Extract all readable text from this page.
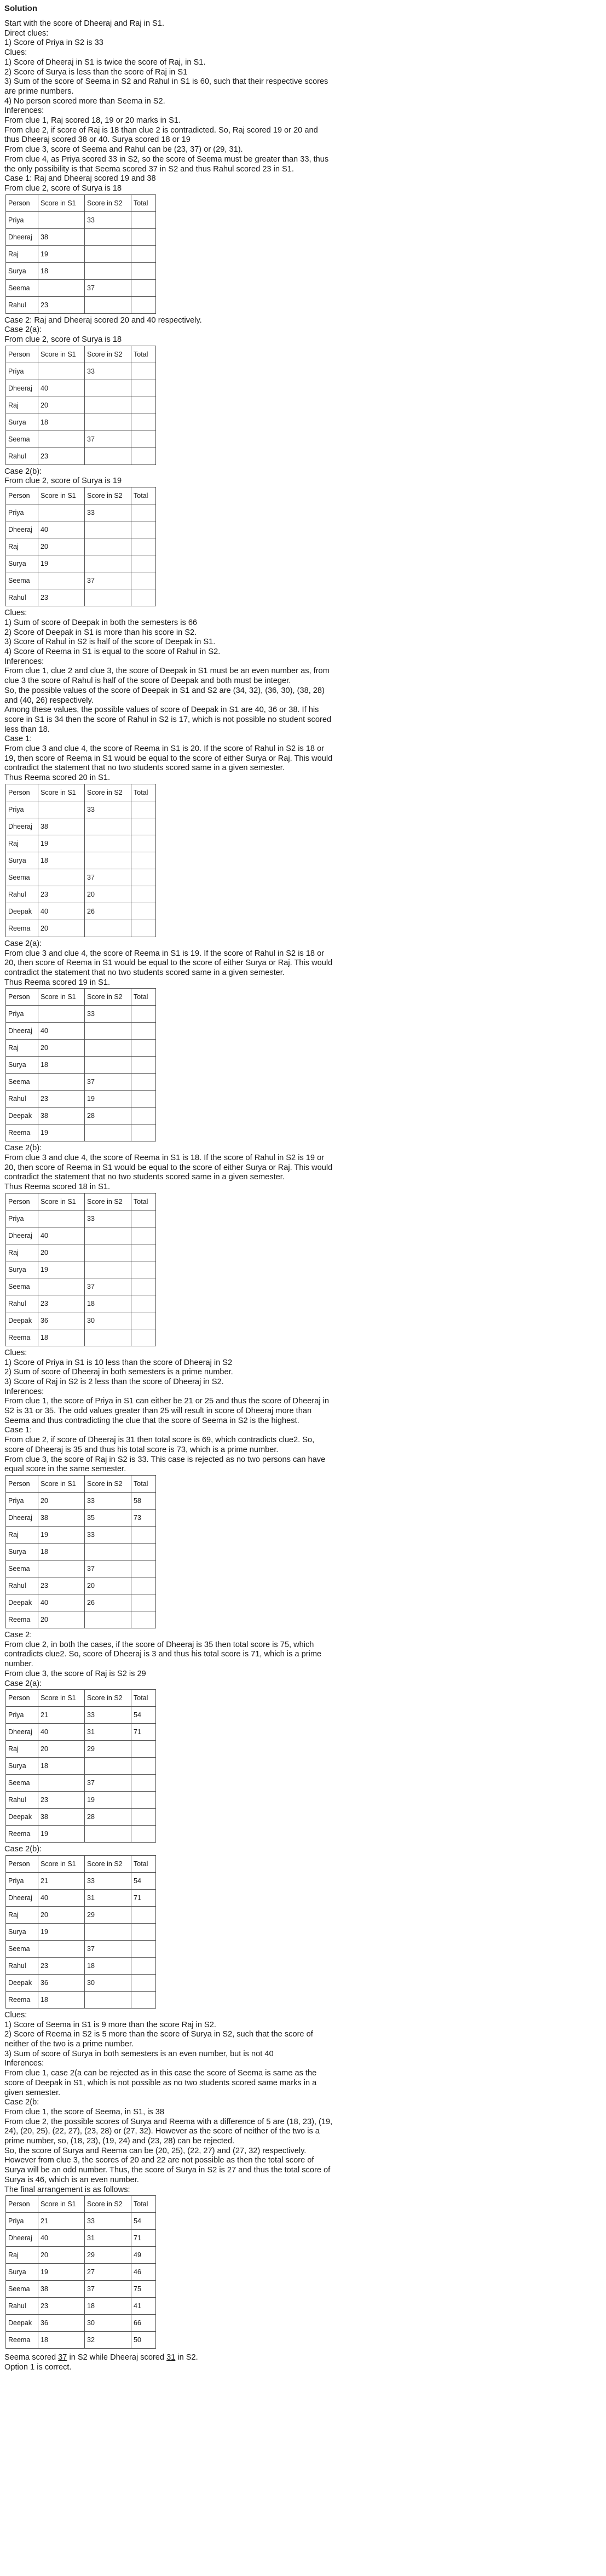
Solution
Start with the score of Dheeraj and Raj in S1.
Direct clues:
1) Score of Priya in S2 is 33
Clues:
1) Score of Dheeraj in S1 is twice the score of Raj, in S1.
2) Score of Surya is less than the score of Raj in S1
3) Sum of the score of Seema in S2 and Rahul in S1 is 60, such that their respective scores
are prime numbers.
4) No person scored more than Seema in S2.
Inferences:
From clue 1, Raj scored 18, 19 or 20 marks in S1.
From clue 2, if score of Raj is 18 than clue 2 is contradicted. So, Raj scored 19 or 20 and
thus Dheeraj scored 38 or 40. Surya scored 18 or 19
From clue 3, score of Seema and Rahul can be (23, 37) or (29, 31).
From clue 4, as Priya scored 33 in S2, so the score of Seema must be greater than 33, thus
the only possibility is that Seema scored 37 in S2 and thus Rahul scored 23 in S1.
Case 1: Raj and Dheeraj scored 19 and 38
From clue 2, score of Surya is 18
Person	Score in S1	Score in S2	Total
Priya		33	
Dheeraj	38		
Raj	19		
Surya	18		
Seema		37	
Rahul	23		
Case 2: Raj and Dheeraj scored 20 and 40 respectively.
Case 2(a):
From clue 2, score of Surya is 18
Person	Score in S1	Score in S2	Total
Priya		33	
Dheeraj	40		
Raj	20		
Surya	18		
Seema		37	
Rahul	23		
Case 2(b):
From clue 2, score of Surya is 19
Person	Score in S1	Score in S2	Total
Priya		33	
Dheeraj	40		
Raj	20		
Surya	19		
Seema		37	
Rahul	23		
Clues:
1) Sum of score of Deepak in both the semesters is 66
2) Score of Deepak in S1 is more than his score in S2.
3) Score of Rahul in S2 is half of the score of Deepak in S1.
4) Score of Reema in S1 is equal to the score of Rahul in S2.
Inferences:
From clue 1, clue 2 and clue 3, the score of Deepak in S1 must be an even number as, from
clue 3 the score of Rahul is half of the score of Deepak and both must be integer.
So, the possible values of the score of Deepak in S1 and S2 are (34, 32), (36, 30), (38, 28)
and (40, 26) respectively.
Among these values, the possible values of score of Deepak in S1 are 40, 36 or 38. If his
score in S1 is 34 then the score of Rahul in S2 is 17, which is not possible no student scored
less than 18.
Case 1:
From clue 3 and clue 4, the score of Reema in S1 is 20. If the score of Rahul in S2 is 18 or
19, then score of Reema in S1 would be equal to the score of either Surya or Raj. This would
contradict the statement that no two students scored same in a given semester.
Thus Reema scored 20 in S1.
Person	Score in S1	Score in S2	Total
Priya		33	
Dheeraj	38		
Raj	19		
Surya	18		
Seema		37	
Rahul	23	20	
Deepak	40	26	
Reema	20		
Case 2(a):
From clue 3 and clue 4, the score of Reema in S1 is 19. If the score of Rahul in S2 is 18 or
20, then score of Reema in S1 would be equal to the score of either Surya or Raj. This would
contradict the statement that no two students scored same in a given semester.
Thus Reema scored 19 in S1.
Person	Score in S1	Score in S2	Total
Priya		33	
Dheeraj	40		
Raj	20		
Surya	18		
Seema		37	
Rahul	23	19	
Deepak	38	28	
Reema	19		
Case 2(b):
From clue 3 and clue 4, the score of Reema in S1 is 18. If the score of Rahul in S2 is 19 or
20, then score of Reema in S1 would be equal to the score of either Surya or Raj. This would
contradict the statement that no two students scored same in a given semester.
Thus Reema scored 18 in S1.
Person	Score in S1	Score in S2	Total
Priya		33	
Dheeraj	40		
Raj	20		
Surya	19		
Seema		37	
Rahul	23	18	
Deepak	36	30	
Reema	18		
Clues:
1) Score of Priya in S1 is 10 less than the score of Dheeraj in S2
2) Sum of score of Dheeraj in both semesters is a prime number.
3) Score of Raj in S2 is 2 less than the score of Dheeraj in S2.
Inferences:
From clue 1, the score of Priya in S1 can either be 21 or 25 and thus the score of Dheeraj in
S2 is 31 or 35. The odd values greater than 25 will result in score of Dheeraj more than
Seema and thus contradicting the clue that the score of Seema in S2 is the highest.
Case 1:
From clue 2, if score of Dheeraj is 31 then total score is 69, which contradicts clue2. So,
score of Dheeraj is 35 and thus his total score is 73, which is a prime number.
From clue 3, the score of Raj in S2 is 33. This case is rejected as no two persons can have
equal score in the same semester.
Person	Score in S1	Score in S2	Total
Priya	20	33	58
Dheeraj	38	35	73
Raj	19	33	
Surya	18		
Seema		37	
Rahul	23	20	
Deepak	40	26	
Reema	20		
Case 2:
From clue 2, in both the cases, if the score of Dheeraj is 35 then total score is 75, which
contradicts clue2. So, score of Dheeraj is 3 and thus his total score is 71, which is a prime
number.
From clue 3, the score of Raj is S2 is 29
Case 2(a):
Person	Score in S1	Score in S2	Total
Priya	21	33	54
Dheeraj	40	31	71
Raj	20	29	
Surya	18		
Seema		37	
Rahul	23	19	
Deepak	38	28	
Reema	19		
Case 2(b):
Person	Score in S1	Score in S2	Total
Priya	21	33	54
Dheeraj	40	31	71
Raj	20	29	
Surya	19		
Seema		37	
Rahul	23	18	
Deepak	36	30	
Reema	18		
Clues:
1) Score of Seema in S1 is 9 more than the score Raj in S2.
2) Score of Reema in S2 is 5 more than the score of Surya in S2, such that the score of
neither of the two is a prime number.
3) Sum of score of Surya in both semesters is an even number, but is not 40
Inferences:
From clue 1, case 2(a can be rejected as in this case the score of Seema is same as the
score of Deepak in S1, which is not possible as no two students scored same marks in a
given semester.
Case 2(b:
From clue 1, the score of Seema, in S1, is 38
From clue 2, the possible scores of Surya and Reema with a difference of 5 are (18, 23), (19,
24), (20, 25), (22, 27), (23, 28) or (27, 32). However as the score of neither of the two is a
prime number, so, (18, 23), (19, 24) and (23, 28) can be rejected.
So, the score of Surya and Reema can be (20, 25), (22, 27) and (27, 32) respectively.
However from clue 3, the scores of 20 and 22 are not possible as then the total score of
Surya will be an odd number. Thus, the score of Surya in S2 is 27 and thus the total score of
Surya is 46, which is an even number.
The final arrangement is as follows:
Person	Score in S1	Score in S2	Total
Priya	21	33	54
Dheeraj	40	31	71
Raj	20	29	49
Surya	19	27	46
Seema	38	37	75
Rahul	23	18	41
Deepak	36	30	66
Reema	18	32	50
Seema scored 37 in S2 while Dheeraj scored 31 in S2.
Option 1 is correct.
